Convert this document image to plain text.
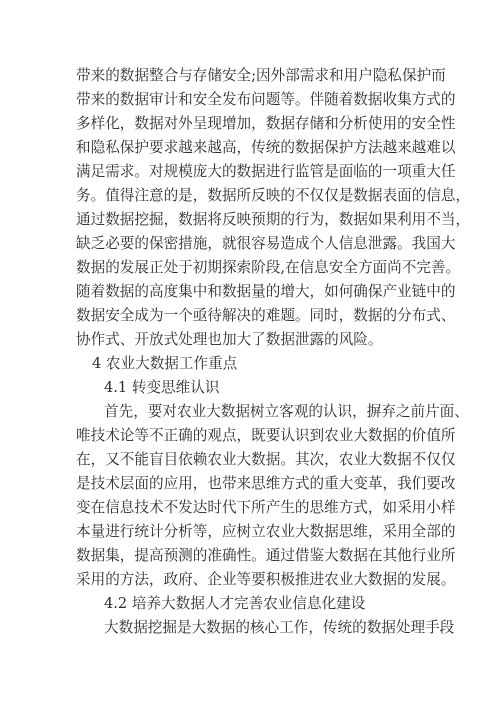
带来的数据整合与存储安全;因外部需求和用户隐私保护而
带来的数据审计和安全发布问题等。伴随着数据收集方式的
多样化，数据对外呈现增加，数据存储和分析使用的安全性
和隐私保护要求越来越高，传统的数据保护方法越来越难以
满足需求。对规模庞大的数据进行监管是面临的一项重大任
务。值得注意的是，数据所反映的不仅仅是数据表面的信息，
通过数据挖掘，数据将反映预期的行为，数据如果利用不当，
缺乏必要的保密措施，就很容易造成个人信息泄露。我国大
数据的发展正处于初期探索阶段,在信息安全方面尚不完善。
随着数据的高度集中和数据量的增大，如何确保产业链中的
数据安全成为一个亟待解决的难题。同时，数据的分布式、
协作式、开放式处理也加大了数据泄露的风险。
4 农业大数据工作重点
4.1 转变思维认识
首先，要对农业大数据树立客观的认识，摒弃之前片面、
唯技术论等不正确的观点，既要认识到农业大数据的价值所
在，又不能盲目依赖农业大数据。其次，农业大数据不仅仅
是技术层面的应用，也带来思维方式的重大变革，我们要改
变在信息技术不发达时代下所产生的思维方式，如采用小样
本量进行统计分析等，应树立农业大数据思维，采用全部的
数据集，提高预测的准确性。通过借鉴大数据在其他行业所
采用的方法，政府、企业等要积极推进农业大数据的发展。
4.2 培养大数据人才完善农业信息化建设
大数据挖掘是大数据的核心工作，传统的数据处理手段
